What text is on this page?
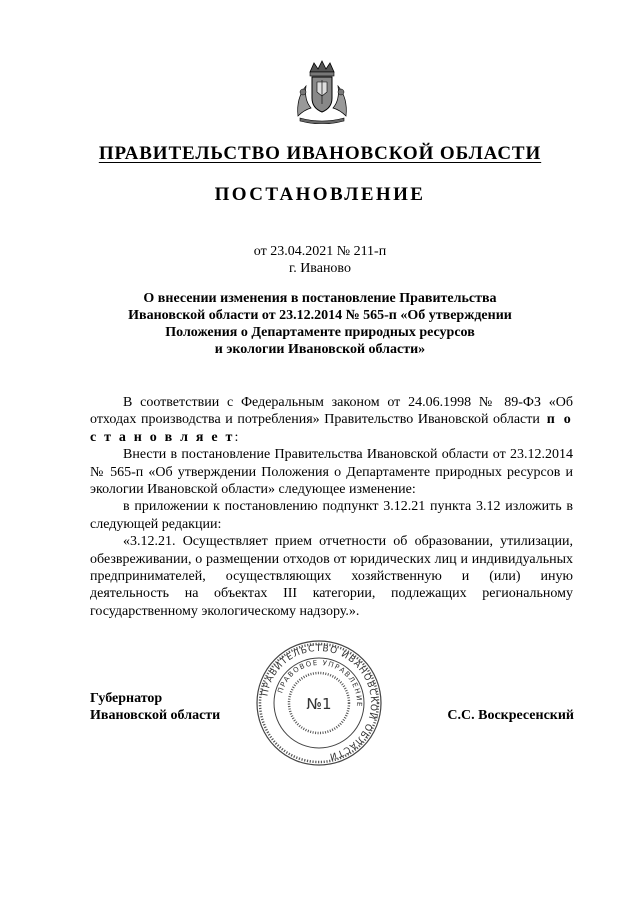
ПРАВИТЕЛЬСТВО ИВАНОВСКОЙ ОБЛАСТИ
ПОСТАНОВЛЕНИЕ
от 23.04.2021 № 211-п
г. Иваново
О внесении изменения в постановление Правительства
Ивановской области от 23.12.2014 № 565-п «Об утверждении
Положения о Департаменте природных ресурсов
и экологии Ивановской области»

В соответствии с Федеральным законом от 24.06.1998 № 89-ФЗ «Об отходах производства и потребления» Правительство Ивановской области п о с т а н о в л я е т:

Внести в постановление Правительства Ивановской области от 23.12.2014 № 565-п «Об утверждении Положения о Департаменте природных ресурсов и экологии Ивановской области» следующее изменение:

в приложении к постановлению подпункт 3.12.21 пункта 3.12 изложить в следующей редакции:

«3.12.21. Осуществляет прием отчетности об образовании, утилизации, обезвреживании, о размещении отходов от юридических лиц и индивидуальных предпринимателей, осуществляющих хозяйственную и (или) иную деятельность на объектах III категории, подлежащих региональному государственному экологическому надзору.».

Губернатор
Ивановской области	С.С. Воскресенский
ПРАВИТЕЛЬСТВО ИВАНОВСКОЙ ОБЛАСТИ
ПРАВОВОЕ УПРАВЛЕНИЕ
№1
